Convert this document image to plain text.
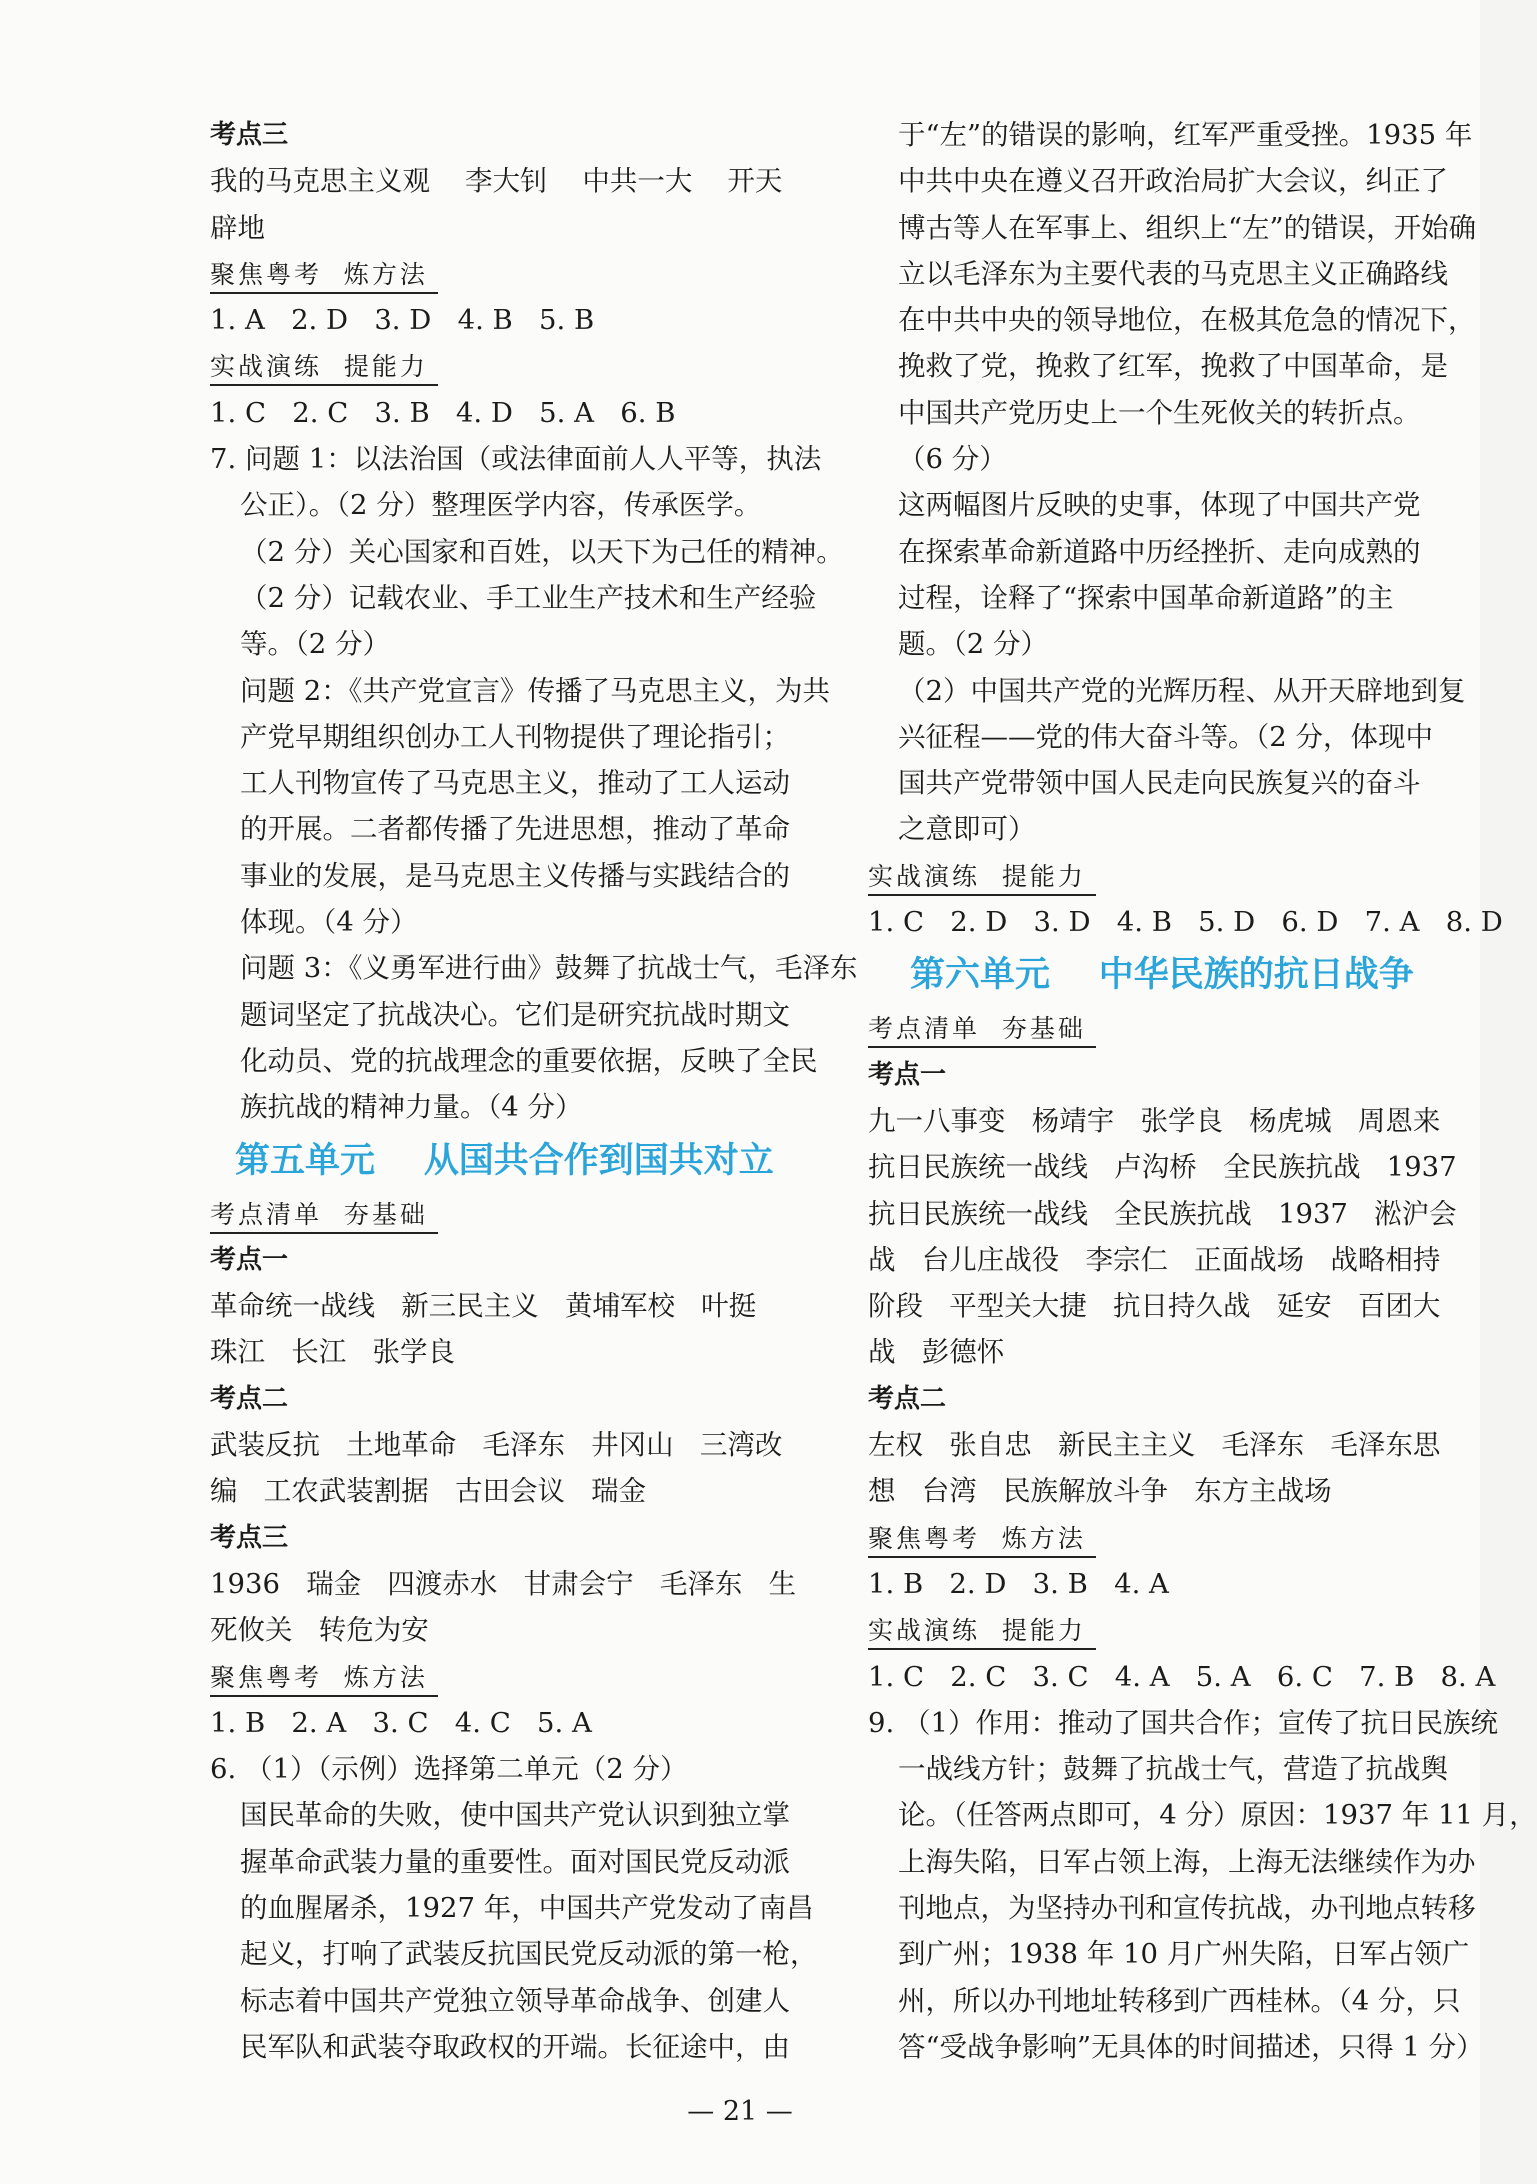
考点三
我的马克思主义观    李大钊    中共一大    开天
辟地
聚焦粤考  炼方法
1. A   2. D   3. D   4. B   5. B
实战演练  提能力
1. C   2. C   3. B   4. D   5. A   6. B
7. 问题 1：以法治国（或法律面前人人平等，执法
公正）。（2 分）整理医学内容，传承医学。
（2 分）关心国家和百姓，以天下为己任的精神。
（2 分）记载农业、手工业生产技术和生产经验
等。（2 分）
问题 2：《共产党宣言》传播了马克思主义，为共
产党早期组织创办工人刊物提供了理论指引；
工人刊物宣传了马克思主义，推动了工人运动
的开展。二者都传播了先进思想，推动了革命
事业的发展，是马克思主义传播与实践结合的
体现。（4 分）
问题 3：《义勇军进行曲》鼓舞了抗战士气，毛泽东
题词坚定了抗战决心。它们是研究抗战时期文
化动员、党的抗战理念的重要依据，反映了全民
族抗战的精神力量。（4 分）
第五单元    从国共合作到国共对立
考点清单  夯基础
考点一
革命统一战线   新三民主义   黄埔军校   叶挺
珠江   长江   张学良
考点二
武装反抗   土地革命   毛泽东   井冈山   三湾改
编   工农武装割据   古田会议   瑞金
考点三
1936   瑞金   四渡赤水   甘肃会宁   毛泽东   生
死攸关   转危为安
聚焦粤考  炼方法
1. B   2. A   3. C   4. C   5. A
6. （1）（示例）选择第二单元（2 分）
国民革命的失败，使中国共产党认识到独立掌
握革命武装力量的重要性。面对国民党反动派
的血腥屠杀，1927 年，中国共产党发动了南昌
起义，打响了武装反抗国民党反动派的第一枪，
标志着中国共产党独立领导革命战争、创建人
民军队和武装夺取政权的开端。长征途中，由
于“左”的错误的影响，红军严重受挫。1935 年
中共中央在遵义召开政治局扩大会议，纠正了
博古等人在军事上、组织上“左”的错误，开始确
立以毛泽东为主要代表的马克思主义正确路线
在中共中央的领导地位，在极其危急的情况下，
挽救了党，挽救了红军，挽救了中国革命，是
中国共产党历史上一个生死攸关的转折点。
（6 分）
这两幅图片反映的史事，体现了中国共产党
在探索革命新道路中历经挫折、走向成熟的
过程，诠释了“探索中国革命新道路”的主
题。（2 分）
（2）中国共产党的光辉历程、从开天辟地到复
兴征程——党的伟大奋斗等。（2 分，体现中
国共产党带领中国人民走向民族复兴的奋斗
之意即可）
实战演练  提能力
1. C   2. D   3. D   4. B   5. D   6. D   7. A   8. D
第六单元    中华民族的抗日战争
考点清单  夯基础
考点一
九一八事变   杨靖宇   张学良   杨虎城   周恩来
抗日民族统一战线   卢沟桥   全民族抗战   1937
抗日民族统一战线   全民族抗战   1937   淞沪会
战   台儿庄战役   李宗仁   正面战场   战略相持
阶段   平型关大捷   抗日持久战   延安   百团大
战   彭德怀
考点二
左权   张自忠   新民主主义   毛泽东   毛泽东思
想   台湾   民族解放斗争   东方主战场
聚焦粤考  炼方法
1. B   2. D   3. B   4. A
实战演练  提能力
1. C   2. C   3. C   4. A   5. A   6. C   7. B   8. A
9. （1）作用：推动了国共合作；宣传了抗日民族统
一战线方针；鼓舞了抗战士气，营造了抗战舆
论。（任答两点即可，4 分）原因：1937 年 11 月，
上海失陷，日军占领上海，上海无法继续作为办
刊地点，为坚持办刊和宣传抗战，办刊地点转移
到广州；1938 年 10 月广州失陷，日军占领广
州，所以办刊地址转移到广西桂林。（4 分，只
答“受战争影响”无具体的时间描述，只得 1 分）
— 21 —
